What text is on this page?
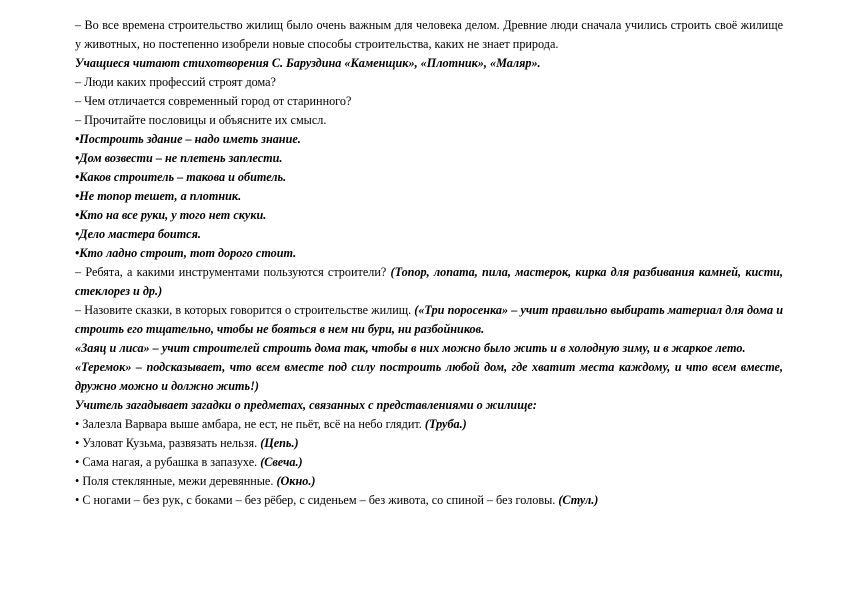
– Во все времена строительство жилищ было очень важным для человека делом. Древние люди сначала учились строить своё жилище у животных, но постепенно изобрели новые способы строительства, каких не знает природа.

Учащиеся читают стихотворения С. Баруздина «Каменщик», «Плотник», «Маляр».

– Люди каких профессий строят дома?

– Чем отличается современный город от старинного?

– Прочитайте пословицы и объясните их смысл.

•Построить здание – надо иметь знание.

•Дом возвести – не плетень заплести.

•Каков строитель – такова и обитель.

•Не топор тешет, а плотник.

•Кто на все руки, у того нет скуки.

•Дело мастера боится.

•Кто ладно строит, тот дорого стоит.

– Ребята, а какими инструментами пользуются строители? (Топор, лопата, пила, мастерок, кирка для разбивания камней, кисти, стеклорез и др.)

– Назовите сказки, в которых говорится о строительстве жилищ. («Три поросенка» – учит правильно выбирать материал для дома и строить его тщательно, чтобы не бояться в нем ни бури, ни разбойников.

«Заяц и лиса» – учит строителей строить дома так, чтобы в них можно было жить и в холодную зиму, и в жаркое лето.

«Теремок» – подсказывает, что всем вместе под силу построить любой дом, где хватит места каждому, и что всем вместе, дружно можно и должно жить!)

Учитель загадывает загадки о предметах, связанных с представлениями о жилище:

• Залезла Варвара выше амбара, не ест, не пьёт, всё на небо глядит. (Труба.)

• Узловат Кузьма, развязать нельзя. (Цепь.)

• Сама нагая, а рубашка в запазухе. (Свеча.)

• Поля стеклянные, межи деревянные. (Окно.)

• С ногами – без рук, с боками – без рёбер, с сиденьем – без живота, со спиной – без головы. (Стул.)
